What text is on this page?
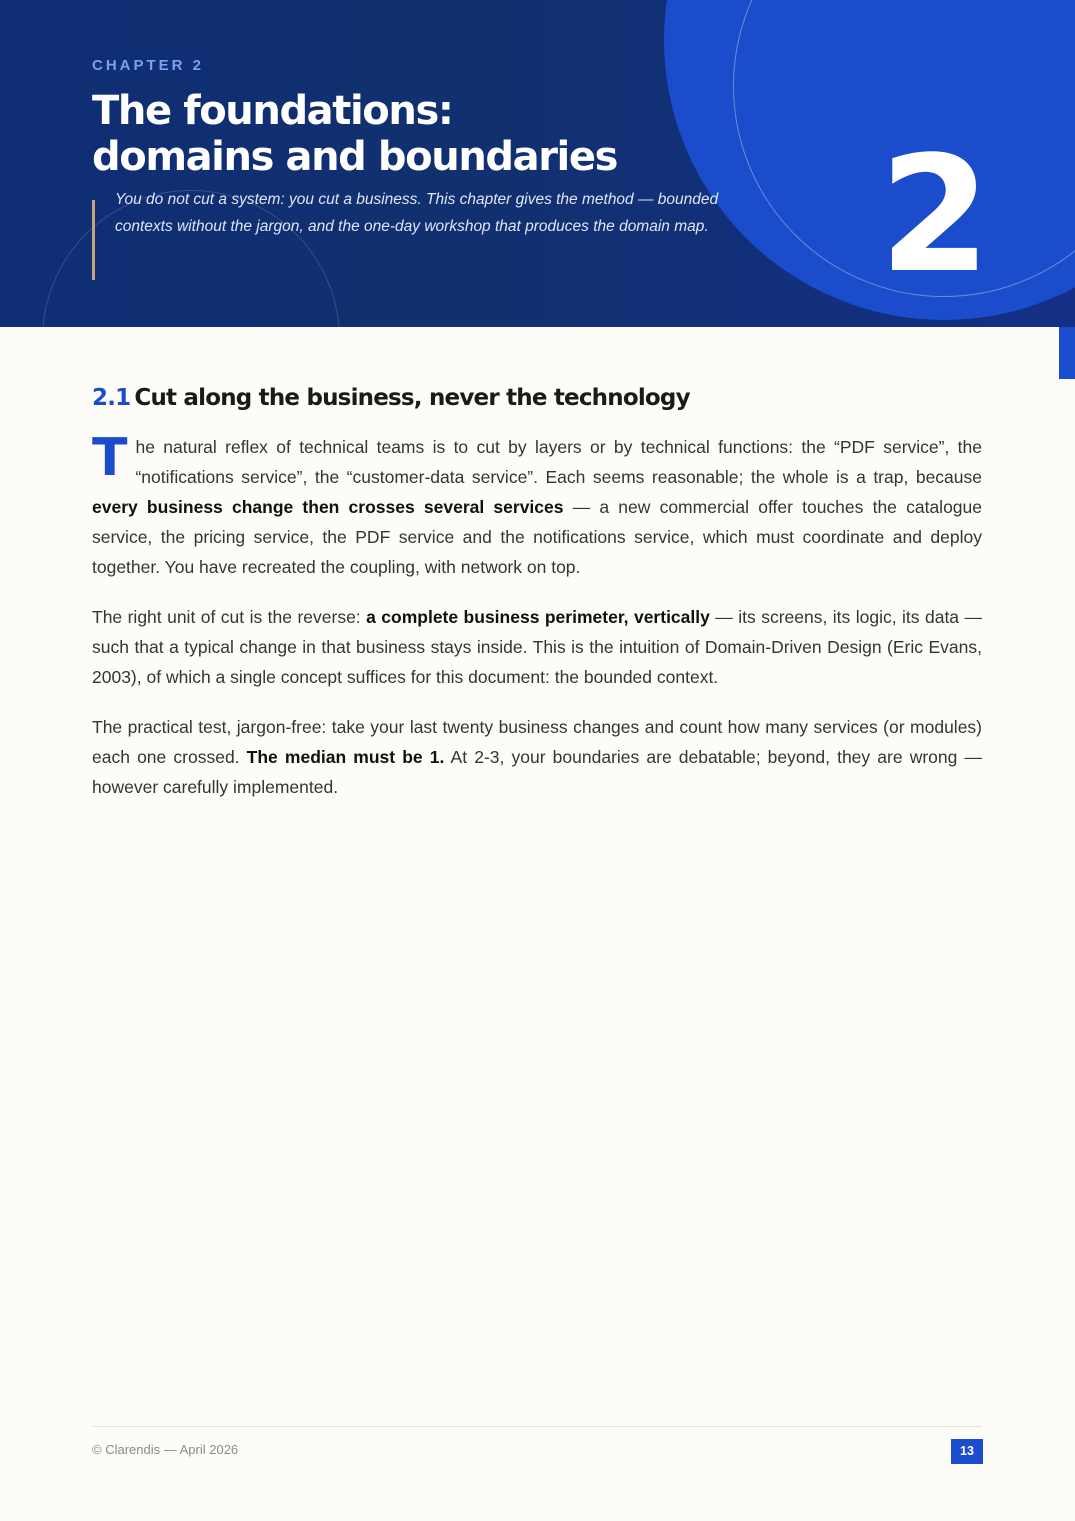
CHAPTER 2
The foundations:
domains and boundaries

You do not cut a system: you cut a business. This chapter gives the method — bounded contexts without the jargon, and the one-day workshop that produces the domain map. 2
2.1 Cut along the business, never the technology

The natural reflex of technical teams is to cut by layers or by technical functions: the “PDF service”, the “notifications service”, the “customer-data service”. Each seems reasonable; the whole is a trap, because every business change then crosses several services — a new commercial offer touches the catalogue service, the pricing service, the PDF service and the notifications service, which must coordinate and deploy together. You have recreated the coupling, with network on top.

The right unit of cut is the reverse: a complete business perimeter, vertically — its screens, its logic, its data — such that a typical change in that business stays inside. This is the intuition of Domain-Driven Design (Eric Evans, 2003), of which a single concept suffices for this document: the bounded context.

The practical test, jargon-free: take your last twenty business changes and count how many services (or modules) each one crossed. The median must be 1. At 2-3, your boundaries are debatable; beyond, they are wrong — however carefully implemented.

© Clarendis — April 2026	13
